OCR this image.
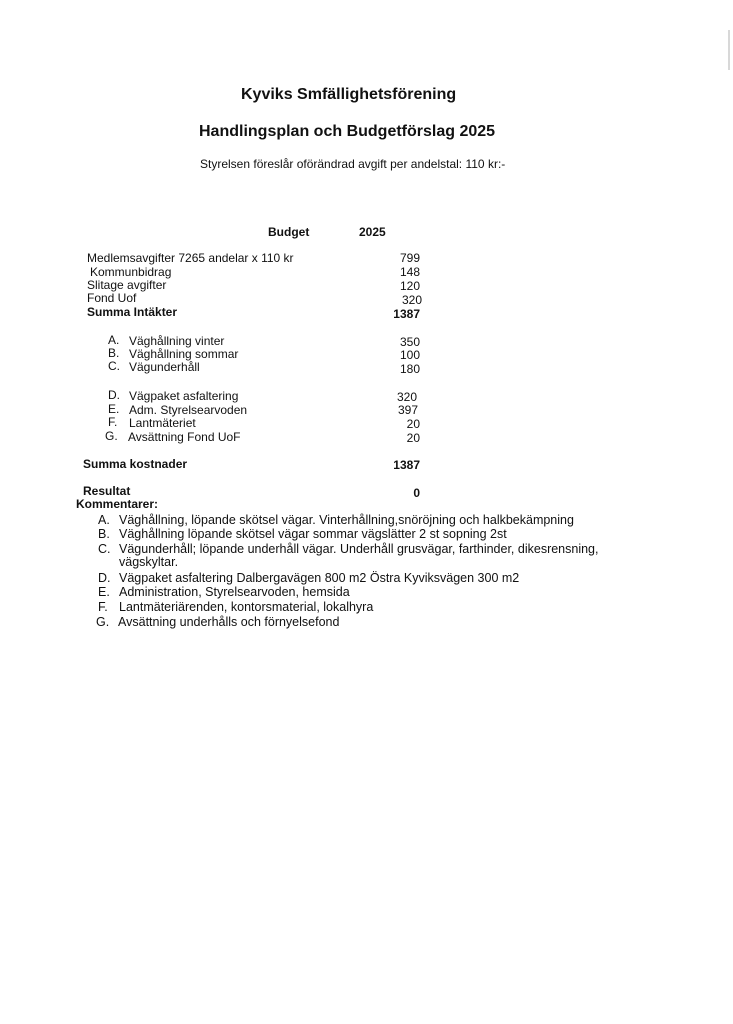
Kyviks Smfällighetsförening
Handlingsplan och Budgetförslag 2025
Styrelsen föreslår oförändrad avgift per andelstal: 110 kr:-
Budget	2025
Medlemsavgifter 7265 andelar x 110 kr	799
Kommunbidrag	148
Slitage avgifter	120
Fond Uof	320
Summa Intäkter	1387
A. Väghållning vinter	350
B. Väghållning sommar	100
C. Vägunderhåll	180
D. Vägpaket asfaltering	320
E. Adm. Styrelsearvoden	397
F. Lantmäteriet	20
G. Avsättning Fond UoF	20
Summa kostnader	1387
Resultat	0
Kommentarer:
A. Väghållning, löpande skötsel vägar. Vinterhållning,snöröjning och halkbekämpning
B. Väghållning löpande skötsel vägar sommar vägslätter 2 st sopning 2st
C. Vägunderhåll; löpande underhåll vägar. Underhåll grusvägar, farthinder, dikesrensning,
vägskyltar.
D. Vägpaket asfaltering Dalbergavägen 800 m2 Östra Kyviksvägen 300 m2
E. Administration, Styrelsearvoden, hemsida
F. Lantmäteriärenden, kontorsmaterial, lokalhyra
G. Avsättning underhålls och förnyelsefond
